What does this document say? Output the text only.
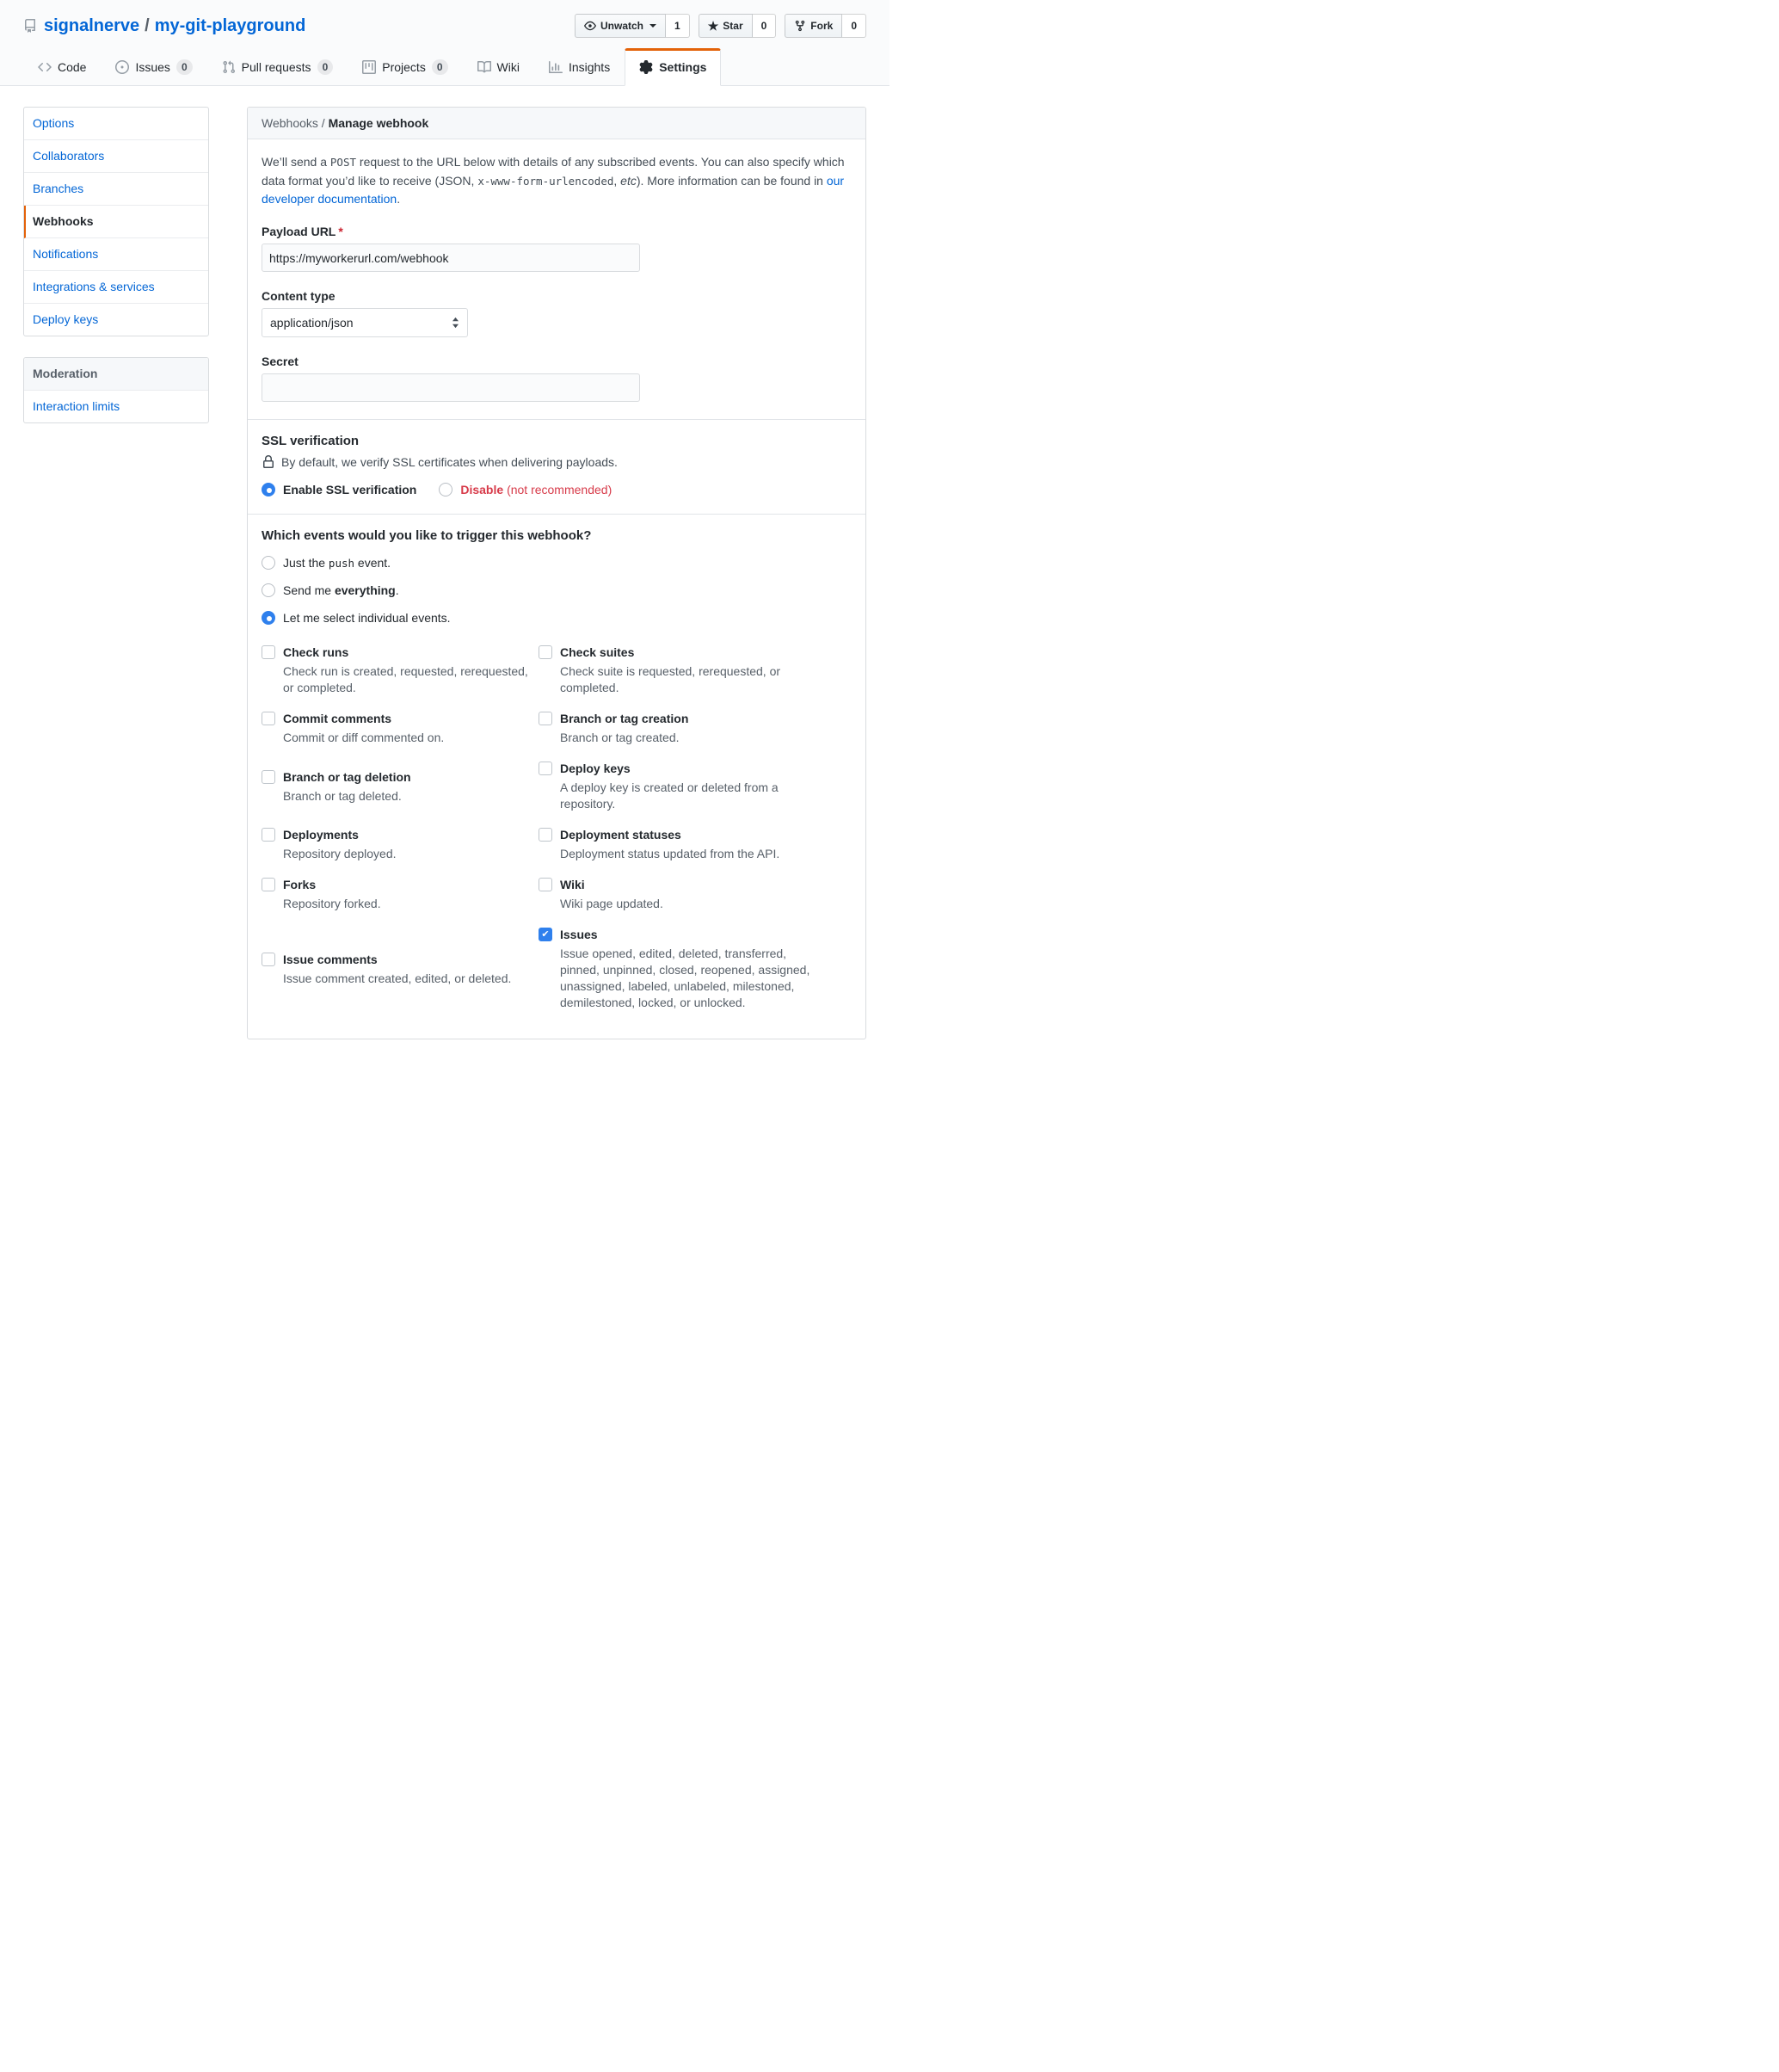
signalnerve / my-git-playground	Unwatch	1	★ Star	0	Fork	0
Code	Issues	0	Pull requests	0	Projects	0	Wiki	Insights	Settings
Options
Collaborators
Branches
Webhooks
Notifications
Integrations & services
Deploy keys
Moderation
Interaction limits
Webhooks / Manage webhook

We’ll send a POST request to the URL below with details of any subscribed events. You can also specify which data format you’d like to receive (JSON, x-www-form-urlencoded, etc). More information can be found in our developer documentation.

Payload URL *
https://myworkerurl.com/webhook
Content type
application/json
Secret
SSL verification
By default, we verify SSL certificates when delivering payloads.
Enable SSL verification	Disable (not recommended)
Which events would you like to trigger this webhook?
Just the push event.
Send me everything.
Let me select individual events.
Check runs
Check run is created, requested, rerequested, or completed.
Check suites
Check suite is requested, rerequested, or completed.
Commit comments
Commit or diff commented on.
Branch or tag creation
Branch or tag created.
Branch or tag deletion
Branch or tag deleted.
Deploy keys
A deploy key is created or deleted from a repository.
Deployments
Repository deployed.
Deployment statuses
Deployment status updated from the API.
Forks
Repository forked.
Wiki
Wiki page updated.
Issue comments
Issue comment created, edited, or deleted.
✔ Issues
Issue opened, edited, deleted, transferred, pinned, unpinned, closed, reopened, assigned, unassigned, labeled, unlabeled, milestoned, demilestoned, locked, or unlocked.
